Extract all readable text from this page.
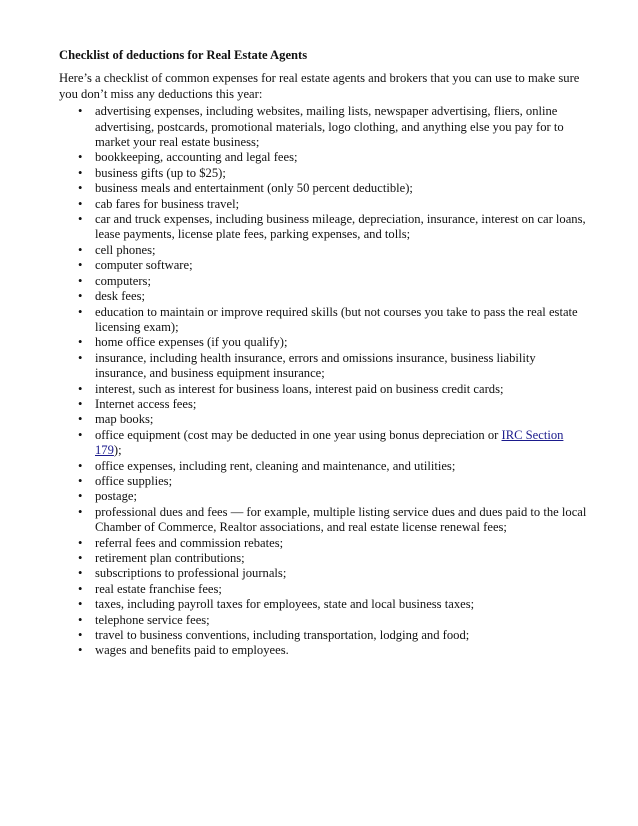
Checklist of deductions for Real Estate Agents
Here’s a checklist of common expenses for real estate agents and brokers that you can use to make sure you don’t miss any deductions this year:
• advertising expenses, including websites, mailing lists, newspaper advertising, fliers, online advertising, postcards, promotional materials, logo clothing, and anything else you pay for to market your real estate business;
• bookkeeping, accounting and legal fees;
• business gifts (up to $25);
• business meals and entertainment (only 50 percent deductible);
• cab fares for business travel;
• car and truck expenses, including business mileage, depreciation, insurance, interest on car loans, lease payments, license plate fees, parking expenses, and tolls;
• cell phones;
• computer software;
• computers;
• desk fees;
• education to maintain or improve required skills (but not courses you take to pass the real estate licensing exam);
• home office expenses (if you qualify);
• insurance, including health insurance, errors and omissions insurance, business liability insurance, and business equipment insurance;
• interest, such as interest for business loans, interest paid on business credit cards;
• Internet access fees;
• map books;
• office equipment (cost may be deducted in one year using bonus depreciation or IRC Section 179);
• office expenses, including rent, cleaning and maintenance, and utilities;
• office supplies;
• postage;
• professional dues and fees — for example, multiple listing service dues and dues paid to the local Chamber of Commerce, Realtor associations, and real estate license renewal fees;
• referral fees and commission rebates;
• retirement plan contributions;
• subscriptions to professional journals;
• real estate franchise fees;
• taxes, including payroll taxes for employees, state and local business taxes;
• telephone service fees;
• travel to business conventions, including transportation, lodging and food;
• wages and benefits paid to employees.
